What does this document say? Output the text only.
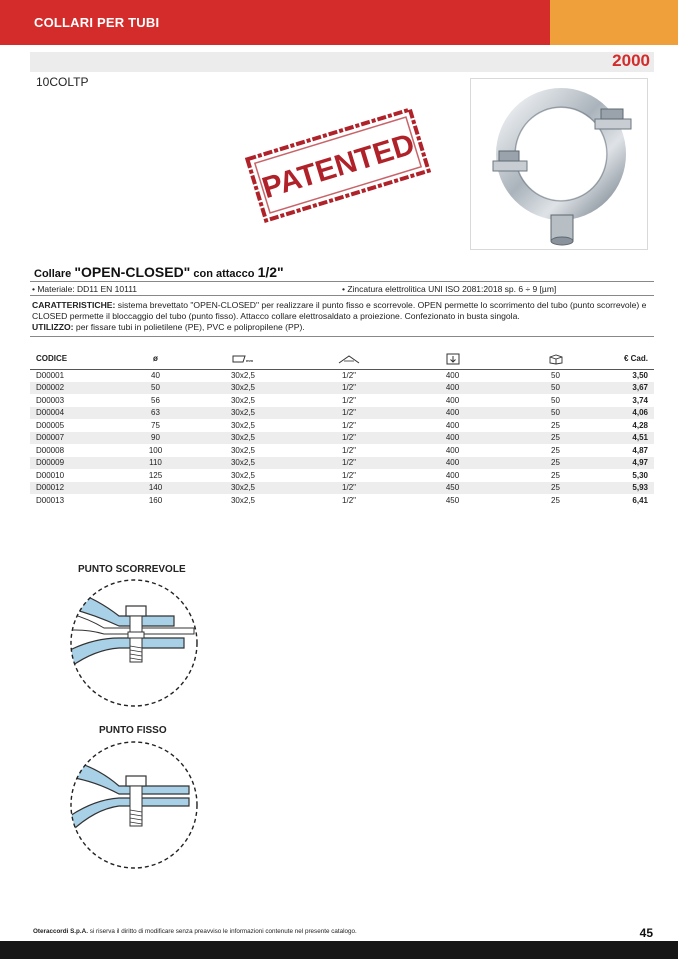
COLLARI PER TUBI
2000
10COLTP
PATENTED
Collare "OPEN-CLOSED" con attacco 1/2"
• Materiale: DD11 EN 10111	• Zincatura elettrolitica UNI ISO 2081:2018 sp. 6 ÷ 9 [µm]
CARATTERISTICHE: sistema brevettato "OPEN-CLOSED" per realizzare il punto fisso e scorrevole. OPEN permette lo scorrimento del tubo (punto scorrevole) e CLOSED permette il bloccaggio del tubo (punto fisso). Attacco collare elettrosaldato a proiezione. Confezionato in busta singola.
UTILIZZO: per fissare tubi in polietilene (PE), PVC e polipropilene (PP).
CODICE	ø	mm				€ Cad.
D00001	40	30x2,5	1/2"	400	50	3,50
D00002	50	30x2,5	1/2"	400	50	3,67
D00003	56	30x2,5	1/2"	400	50	3,74
D00004	63	30x2,5	1/2"	400	50	4,06
D00005	75	30x2,5	1/2"	400	25	4,28
D00007	90	30x2,5	1/2"	400	25	4,51
D00008	100	30x2,5	1/2"	400	25	4,87
D00009	110	30x2,5	1/2"	400	25	4,97
D00010	125	30x2,5	1/2"	400	25	5,30
D00012	140	30x2,5	1/2"	450	25	5,93
D00013	160	30x2,5	1/2"	450	25	6,41
PUNTO SCORREVOLE
PUNTO FISSO
Oteraccordi S.p.A. si riserva il diritto di modificare senza preavviso le informazioni contenute nel presente catalogo.	45
